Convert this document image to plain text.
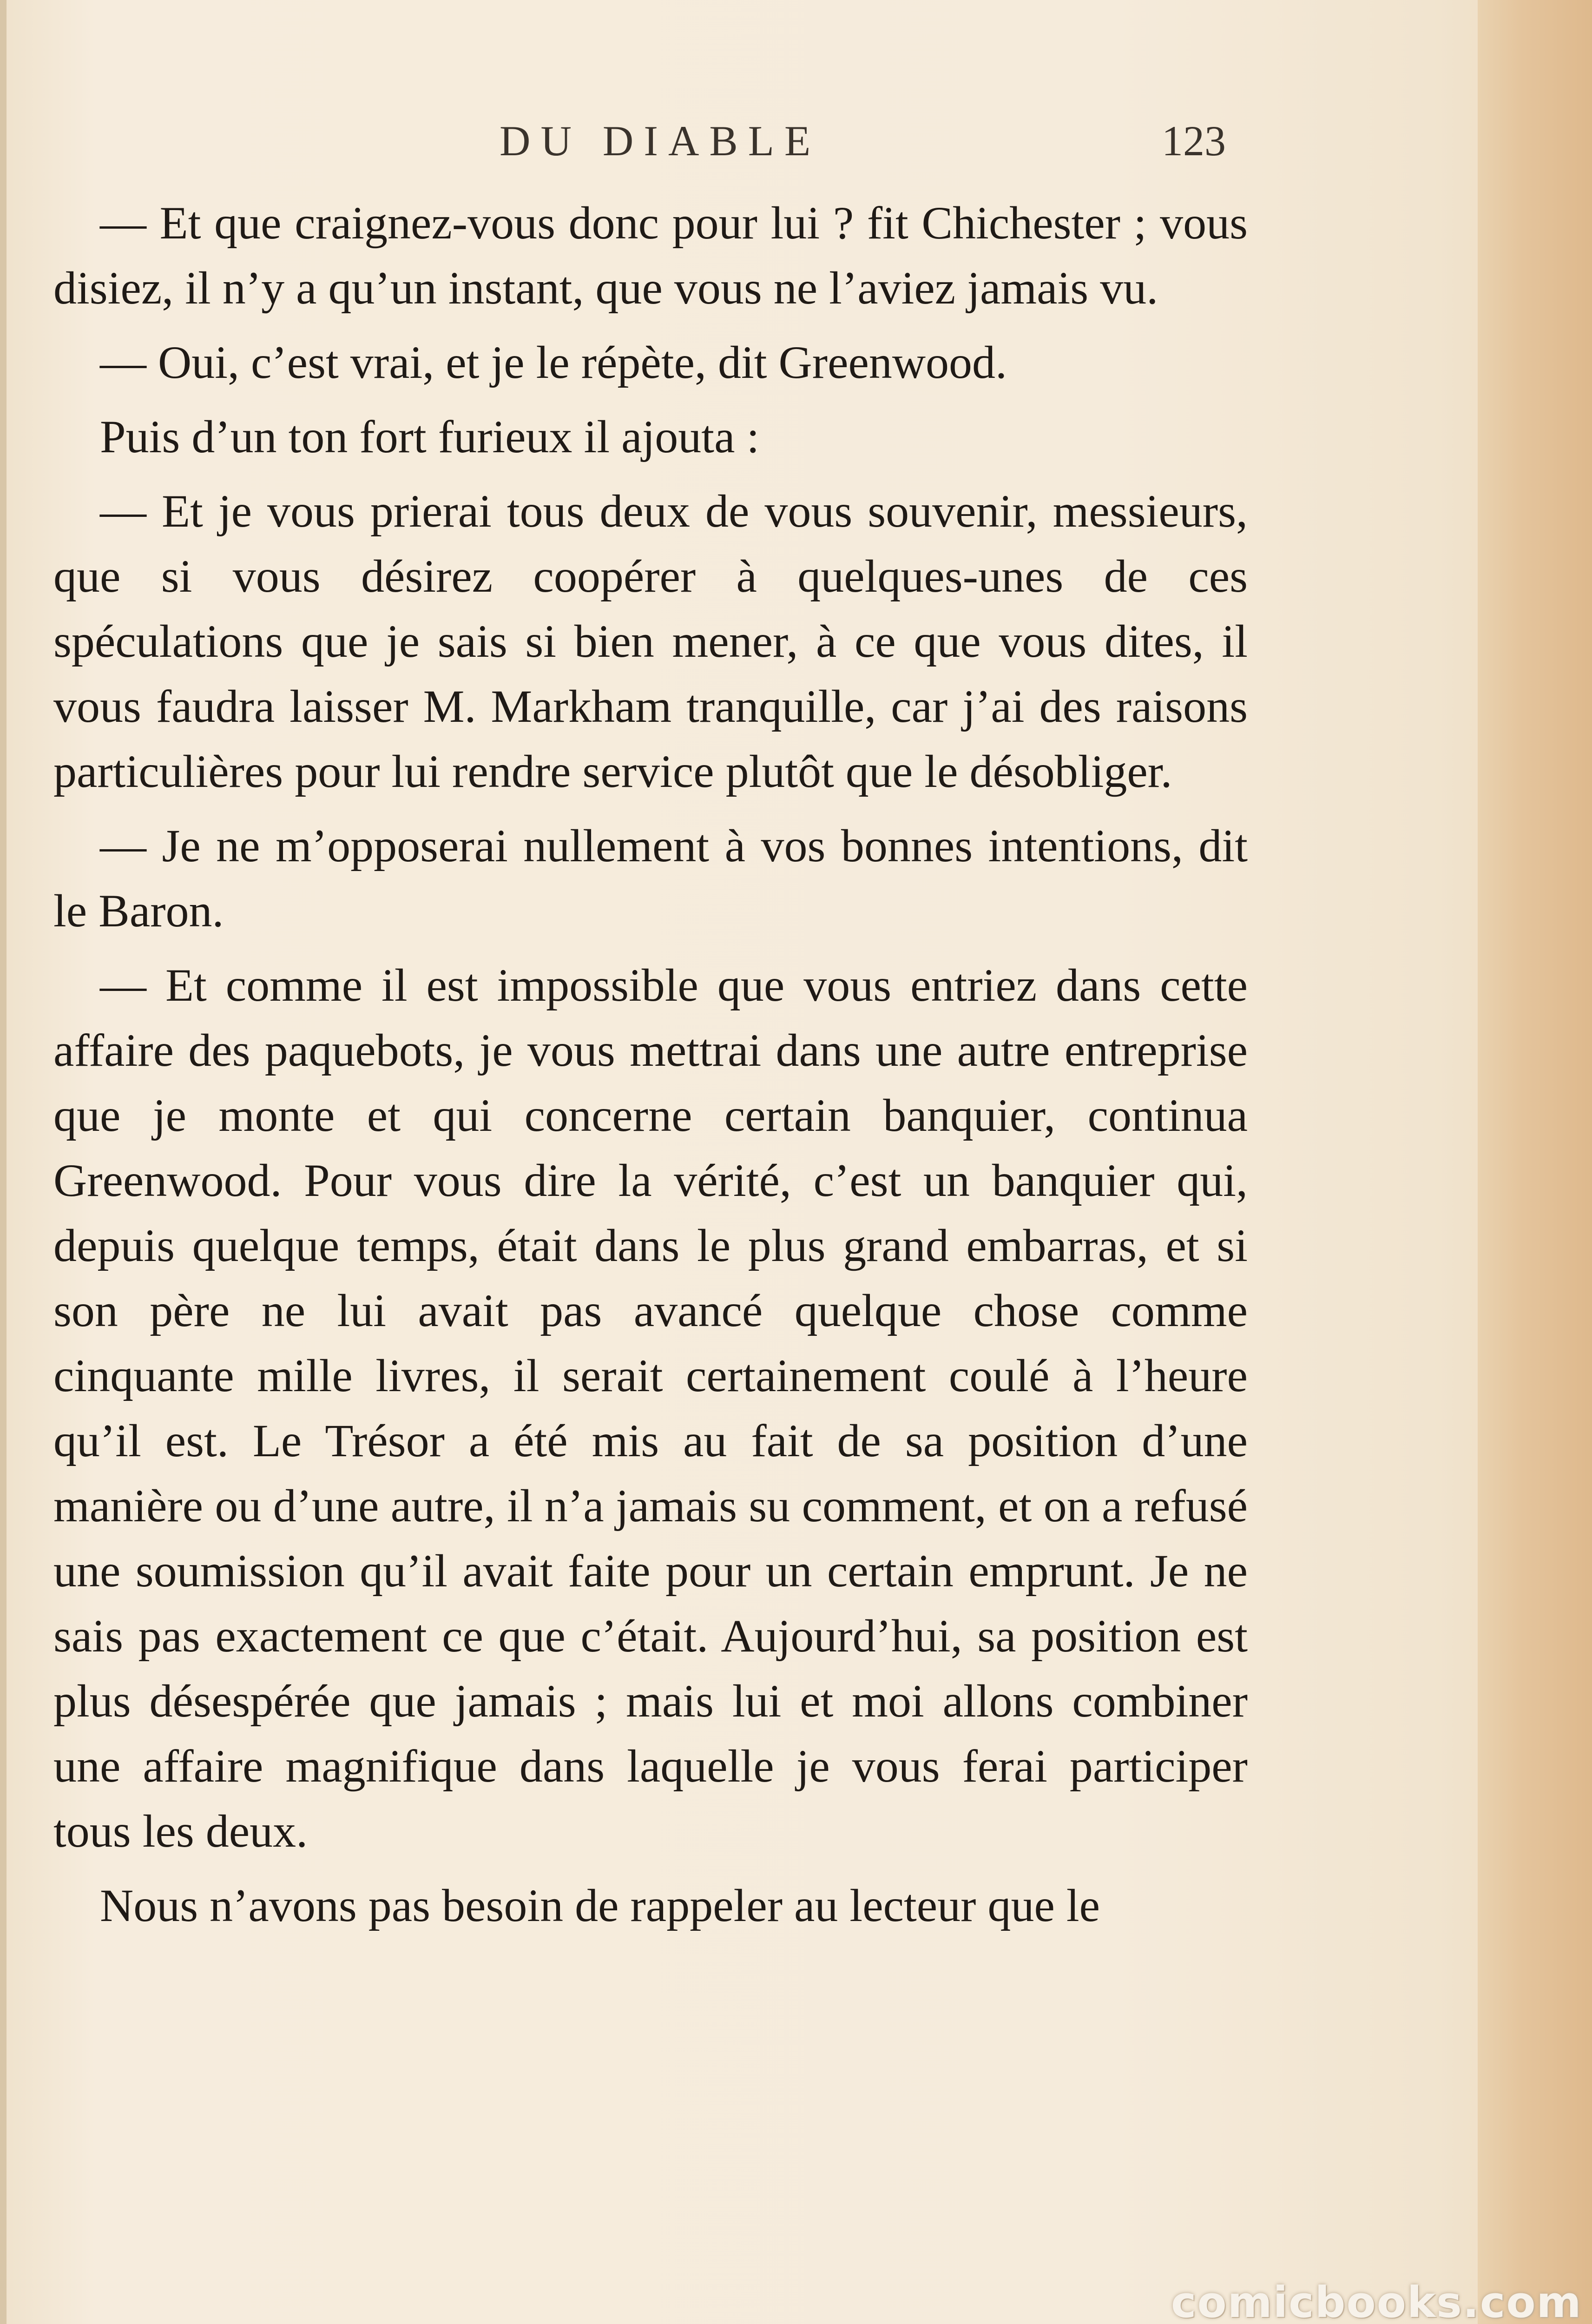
DU DIABLE	123

— Et que craignez-vous donc pour lui ? fit Chichester ; vous disiez, il n’y a qu’un instant, que vous ne l’aviez jamais vu.

— Oui, c’est vrai, et je le répète, dit Greenwood.

Puis d’un ton fort furieux il ajouta :

— Et je vous prierai tous deux de vous souvenir, messieurs, que si vous désirez coopérer à quelques-unes de ces spéculations que je sais si bien mener, à ce que vous dites, il vous faudra laisser M. Markham tranquille, car j’ai des raisons particulières pour lui rendre service plutôt que le désobliger.

— Je ne m’opposerai nullement à vos bonnes intentions, dit le Baron.

— Et comme il est impossible que vous entriez dans cette affaire des paquebots, je vous mettrai dans une autre entreprise que je monte et qui concerne certain banquier, continua Greenwood. Pour vous dire la vérité, c’est un banquier qui, depuis quelque temps, était dans le plus grand embarras, et si son père ne lui avait pas avancé quelque chose comme cinquante mille livres, il serait certainement coulé à l’heure qu’il est. Le Trésor a été mis au fait de sa position d’une manière ou d’une autre, il n’a jamais su comment, et on a refusé une soumission qu’il avait faite pour un certain emprunt. Je ne sais pas exactement ce que c’était. Aujourd’hui, sa position est plus désespérée que jamais ; mais lui et moi allons combiner une affaire magnifique dans laquelle je vous ferai participer tous les deux.

Nous n’avons pas besoin de rappeler au lecteur que le

comicbooks.com
